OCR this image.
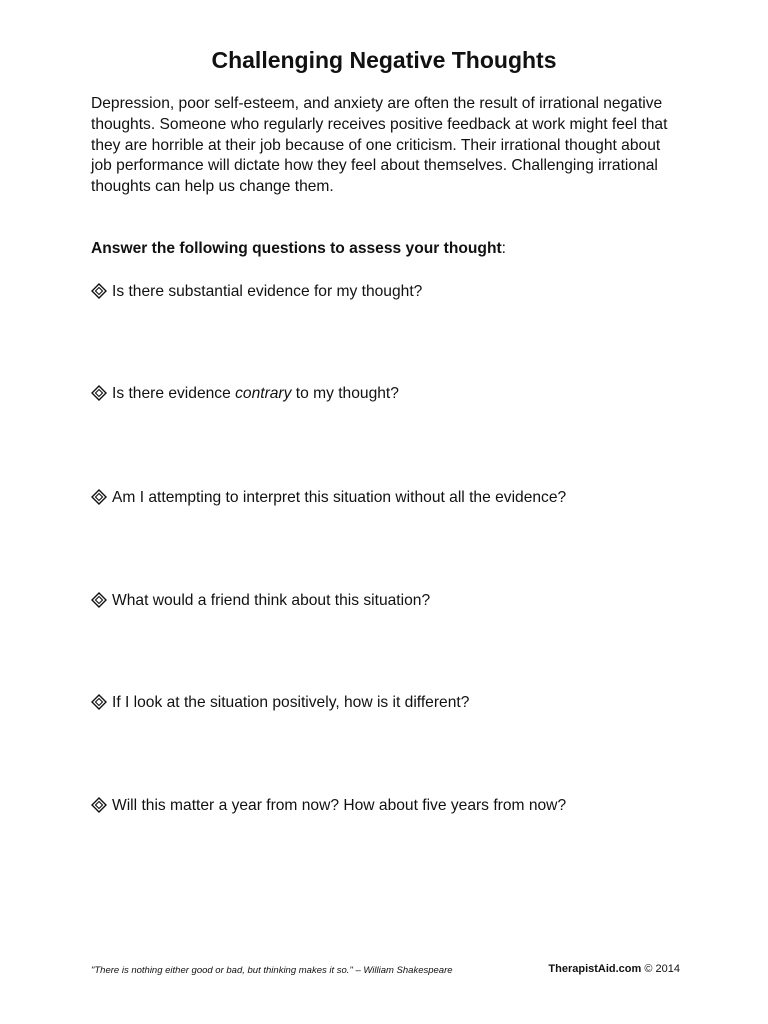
Challenging Negative Thoughts

Depression, poor self-esteem, and anxiety are often the result of irrational negative thoughts. Someone who regularly receives positive feedback at work might feel that they are horrible at their job because of one criticism. Their irrational thought about job performance will dictate how they feel about themselves. Challenging irrational thoughts can help us change them.

Answer the following questions to assess your thought:

Is there substantial evidence for my thought?

Is there evidence contrary to my thought?

Am I attempting to interpret this situation without all the evidence?

What would a friend think about this situation?

If I look at the situation positively, how is it different?

Will this matter a year from now? How about five years from now?

"There is nothing either good or bad, but thinking makes it so." – William Shakespeare	TherapistAid.com © 2014
